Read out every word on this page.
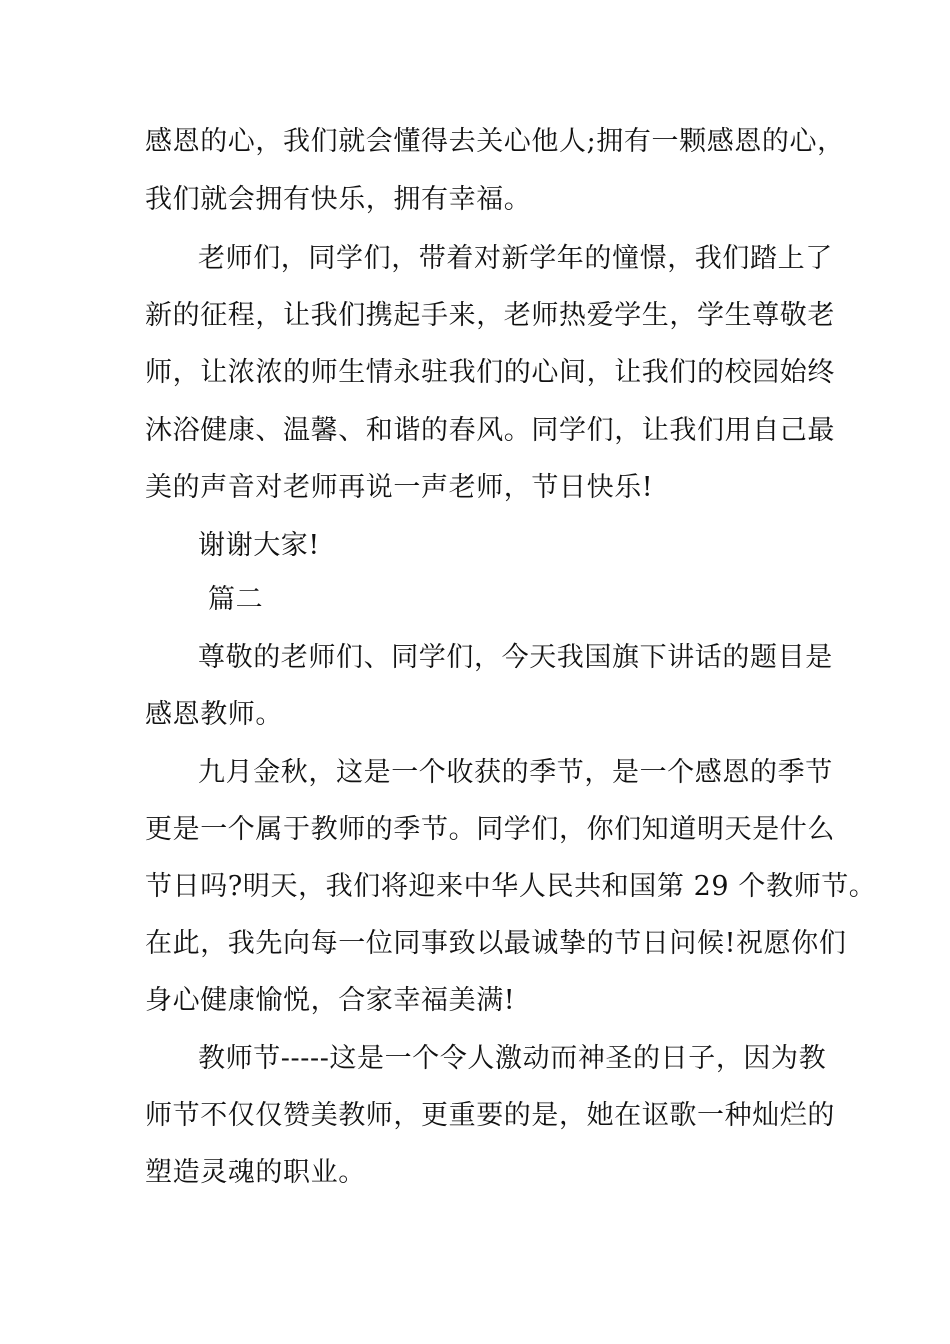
感恩的心，我们就会懂得去关心他人;拥有一颗感恩的心，
我们就会拥有快乐，拥有幸福。
老师们，同学们，带着对新学年的憧憬，我们踏上了
新的征程，让我们携起手来，老师热爱学生，学生尊敬老
师，让浓浓的师生情永驻我们的心间，让我们的校园始终
沐浴健康、温馨、和谐的春风。同学们，让我们用自己最
美的声音对老师再说一声老师，节日快乐!
谢谢大家!
篇二
尊敬的老师们、同学们，今天我国旗下讲话的题目是
感恩教师。
九月金秋，这是一个收获的季节，是一个感恩的季节
更是一个属于教师的季节。同学们，你们知道明天是什么
节日吗?明天，我们将迎来中华人民共和国第 29 个教师节。
在此，我先向每一位同事致以最诚挚的节日问候!祝愿你们
身心健康愉悦，合家幸福美满!
教师节-----这是一个令人激动而神圣的日子，因为教
师节不仅仅赞美教师，更重要的是，她在讴歌一种灿烂的
塑造灵魂的职业。
